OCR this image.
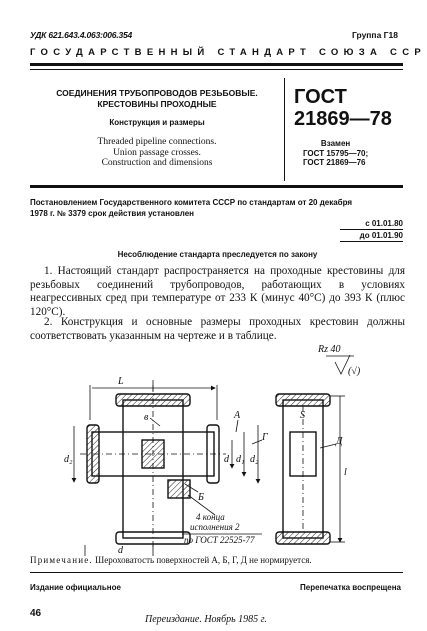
УДК 621.643.4.063:006.354	Группа Г18
ГОСУДАРСТВЕННЫЙ СТАНДАРТ СОЮЗА ССР
СОЕДИНЕНИЯ ТРУБОПРОВОДОВ РЕЗЬБОВЫЕ.
КРЕСТОВИНЫ ПРОХОДНЫЕ
Конструкция и размеры
Threaded pipeline connections.
Union passage crosses.
Construction and dimensions
ГОСТ
21869—78
Взамен
ГОСТ 15795—70;
ГОСТ 21869—76
Постановлением Государственного комитета СССР по стандартам от 20 декабря
1978 г. № 3379 срок действия установлен
с 01.01.80
до 01.01.90
Несоблюдение стандарта преследуется по закону
1. Настоящий стандарт распространяется на проходные крестовины для резьбовых соединений трубопроводов, работающих в условиях неагрессивных сред при температуре от 233 К (минус 40°С) до 393 К (плюс 120°С).
2. Конструкция и основные размеры проходных крестовин должны соответствовать указанным на чертеже и в таблице.
Rz 40
(√)
L
d₂	d d₁ d₂
l
S
в	А
Б
Г	Д
d
4 конца
исполнения 2
по ГОСТ 22525-77
Примечание. Шероховатость поверхностей А, Б, Г, Д не нормируется.
Издание официальное	Перепечатка воспрещена
46
Переиздание. Ноябрь 1985 г.
